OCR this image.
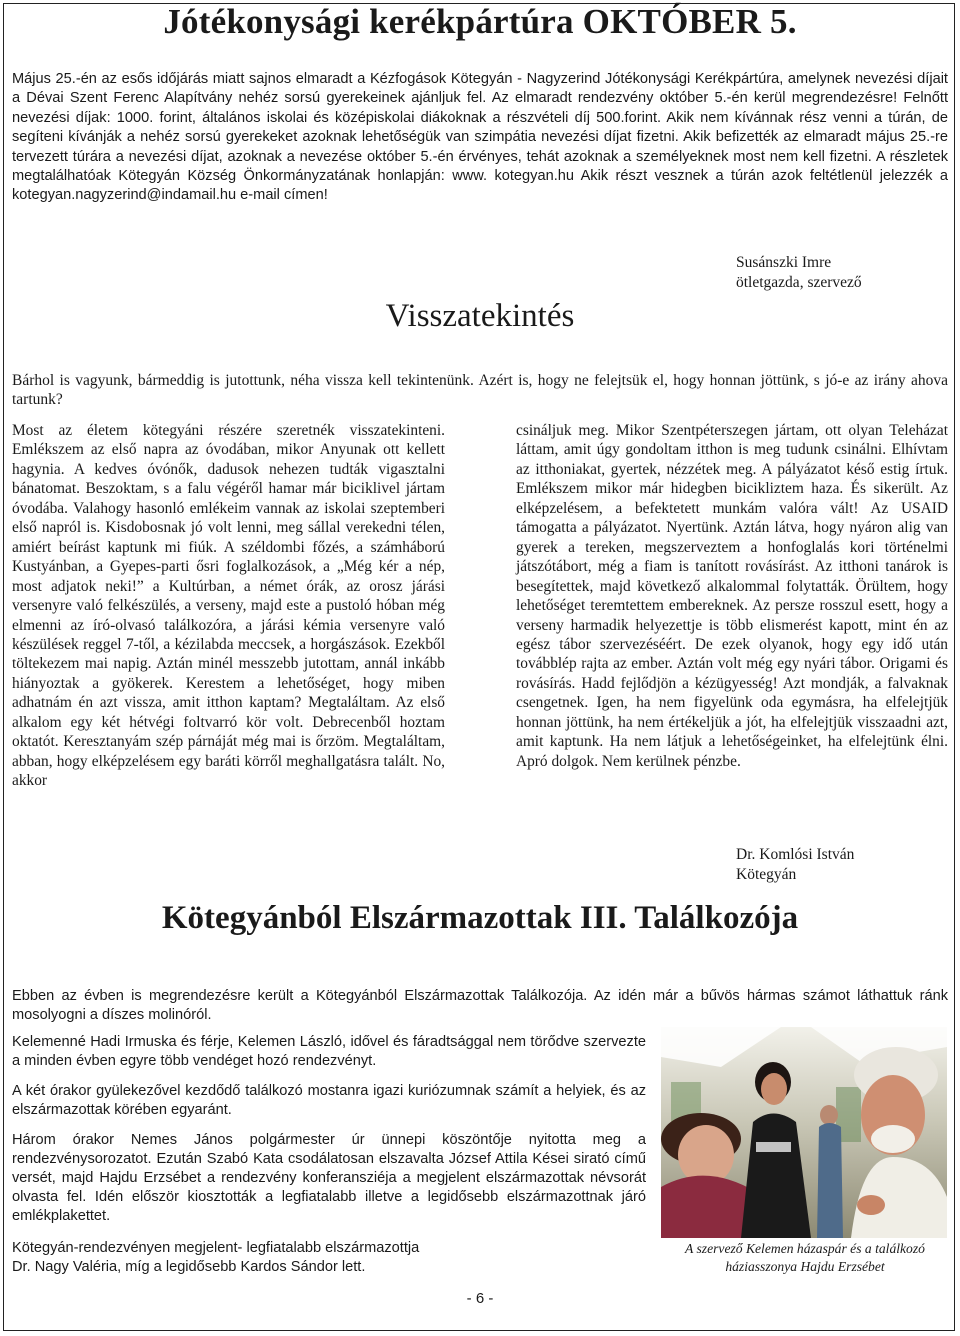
Jótékonysági kerékpártúra OKTÓBER 5.

Május 25.-én az esős időjárás miatt sajnos elmaradt a Kézfogások Kötegyán - Nagyzerind Jótékonysági Kerékpártúra, amelynek nevezési díjait a Dévai Szent Ferenc Alapítvány nehéz sorsú gyerekeinek ajánljuk fel. Az elmaradt rendezvény október 5.-én kerül megrendezésre! Felnőtt nevezési díjak: 1000. forint, általános iskolai és középiskolai diákoknak a részvételi díj 500.forint. Akik nem kívánnak rész venni a túrán, de segíteni kívánják a nehéz sorsú gyerekeket azoknak lehetőségük van szimpátia nevezési díjat fizetni. Akik befizették az elmaradt május 25.-re tervezett túrára a nevezési díjat, azoknak a nevezése október 5.-én érvényes, tehát azoknak a személyeknek most nem kell fizetni. A részletek megtalálhatóak Kötegyán Község Önkormányzatának honlapján: www. kotegyan.hu Akik részt vesznek a túrán azok feltétlenül jelezzék a kotegyan.nagyzerind@indamail.hu e-mail címen!

Susánszki Imre
ötletgazda, szervező
Visszatekintés

Bárhol is vagyunk, bármeddig is jutottunk, néha vissza kell tekintenünk. Azért is, hogy ne felejtsük el, hogy honnan jöttünk, s jó-e az irány ahova tartunk?

Most az életem kötegyáni részére szeretnék visszatekinteni. Emlékszem az első napra az óvodában, mikor Anyunak ott kellett hagynia. A kedves óvónők, dadusok nehezen tudták vigasztalni bánatomat. Beszoktam, s a falu végéről hamar már biciklivel jártam óvodába. Valahogy hasonló emlékeim vannak az iskolai szeptemberi első napról is. Kisdobosnak jó volt lenni, meg sállal verekedni télen, amiért beírást kaptunk mi fiúk. A széldombi főzés, a számháború Kustyánban, a Gyepes-parti ősri foglalkozások, a „Még kér a nép, most adjatok neki!” a Kultúrban, a német órák, az orosz járási versenyre való felkészülés, a verseny, majd este a pustoló hóban még elmenni az író-olvasó találkozóra, a járási kémia versenyre való készülések reggel 7-től, a kézilabda meccsek, a horgászások. Ezekből töltekezem mai napig. Aztán minél messzebb jutottam, annál inkább hiányoztak a gyökerek. Kerestem a lehetőséget, hogy miben adhatnám én azt vissza, amit itthon kaptam? Megtaláltam. Az első alkalom egy két hétvégi foltvarró kör volt. Debrecenből hoztam oktatót. Keresztanyám szép párnáját még mai is őrzöm. Megtaláltam, abban, hogy elképzelésem egy baráti körről meghallgatásra talált. No, akkor

csináljuk meg. Mikor Szentpéterszegen jártam, ott olyan Teleházat láttam, amit úgy gondoltam itthon is meg tudunk csinálni. Elhívtam az itthoniakat, gyertek, nézzétek meg. A pályázatot késő estig írtuk. Emlékszem mikor már hidegben bicikliztem haza. És sikerült. Az elképzelésem, a befektetett munkám valóra vált! Az USAID támogatta a pályázatot. Nyertünk. Aztán látva, hogy nyáron alig van gyerek a tereken, megszerveztem a honfoglalás kori történelmi játszótábort, még a fiam is tanított rovásírást. Az itthoni tanárok is besegítettek, majd következő alkalommal folytatták. Örültem, hogy lehetőséget teremtettem embereknek. Az persze rosszul esett, hogy a verseny harmadik helyezettje is több elismerést kapott, mint én az egész tábor szervezéséért. De ezek olyanok, hogy egy idő után továbblép rajta az ember. Aztán volt még egy nyári tábor. Origami és rovásírás. Hadd fejlődjön a kézügyesség! Azt mondják, a falvaknak csengetnek. Igen, ha nem figyelünk oda egymásra, ha elfelejtjük honnan jöttünk, ha nem értékeljük a jót, ha elfelejtjük visszaadni azt, amit kaptunk. Ha nem látjuk a lehetőségeinket, ha elfelejtünk élni. Apró dolgok. Nem kerülnek pénzbe.

Dr. Komlósi István
Kötegyán
Kötegyánból Elszármazottak III. Találkozója

Ebben az évben is megrendezésre került a Kötegyánból Elszármazottak Találkozója. Az idén már a bűvös hármas számot láthattuk ránk mosolyogni a díszes molinóról.

Kelemenné Hadi Irmuska és férje, Kelemen László, idővel és fáradtsággal nem törődve szervezte a minden évben egyre több vendéget hozó rendezvényt.

A két órakor gyülekezővel kezdődő találkozó mostanra igazi kuriózumnak számít a helyiek, és az elszármazottak körében egyaránt.

Három órakor Nemes János polgármester úr ünnepi köszöntője nyitotta meg a rendezvénysorozatot. Ezután Szabó Kata csodálatosan elszavalta József Attila Kései sirató című versét, majd Hajdu Erzsébet a rendezvény konferansziéja a megjelent elszármazottak névsorát olvasta fel. Idén először kiosztották a legfiatalabb illetve a legidősebb elszármazottnak járó emlékplakettet.

Kötegyán-rendezvényen megjelent- legfiatalabb elszármazottja
Dr. Nagy Valéria, míg a legidősebb Kardos Sándor lett.
A szervező Kelemen házaspár és a találkozó
háziasszonya Hajdu Erzsébet

- 6 -
